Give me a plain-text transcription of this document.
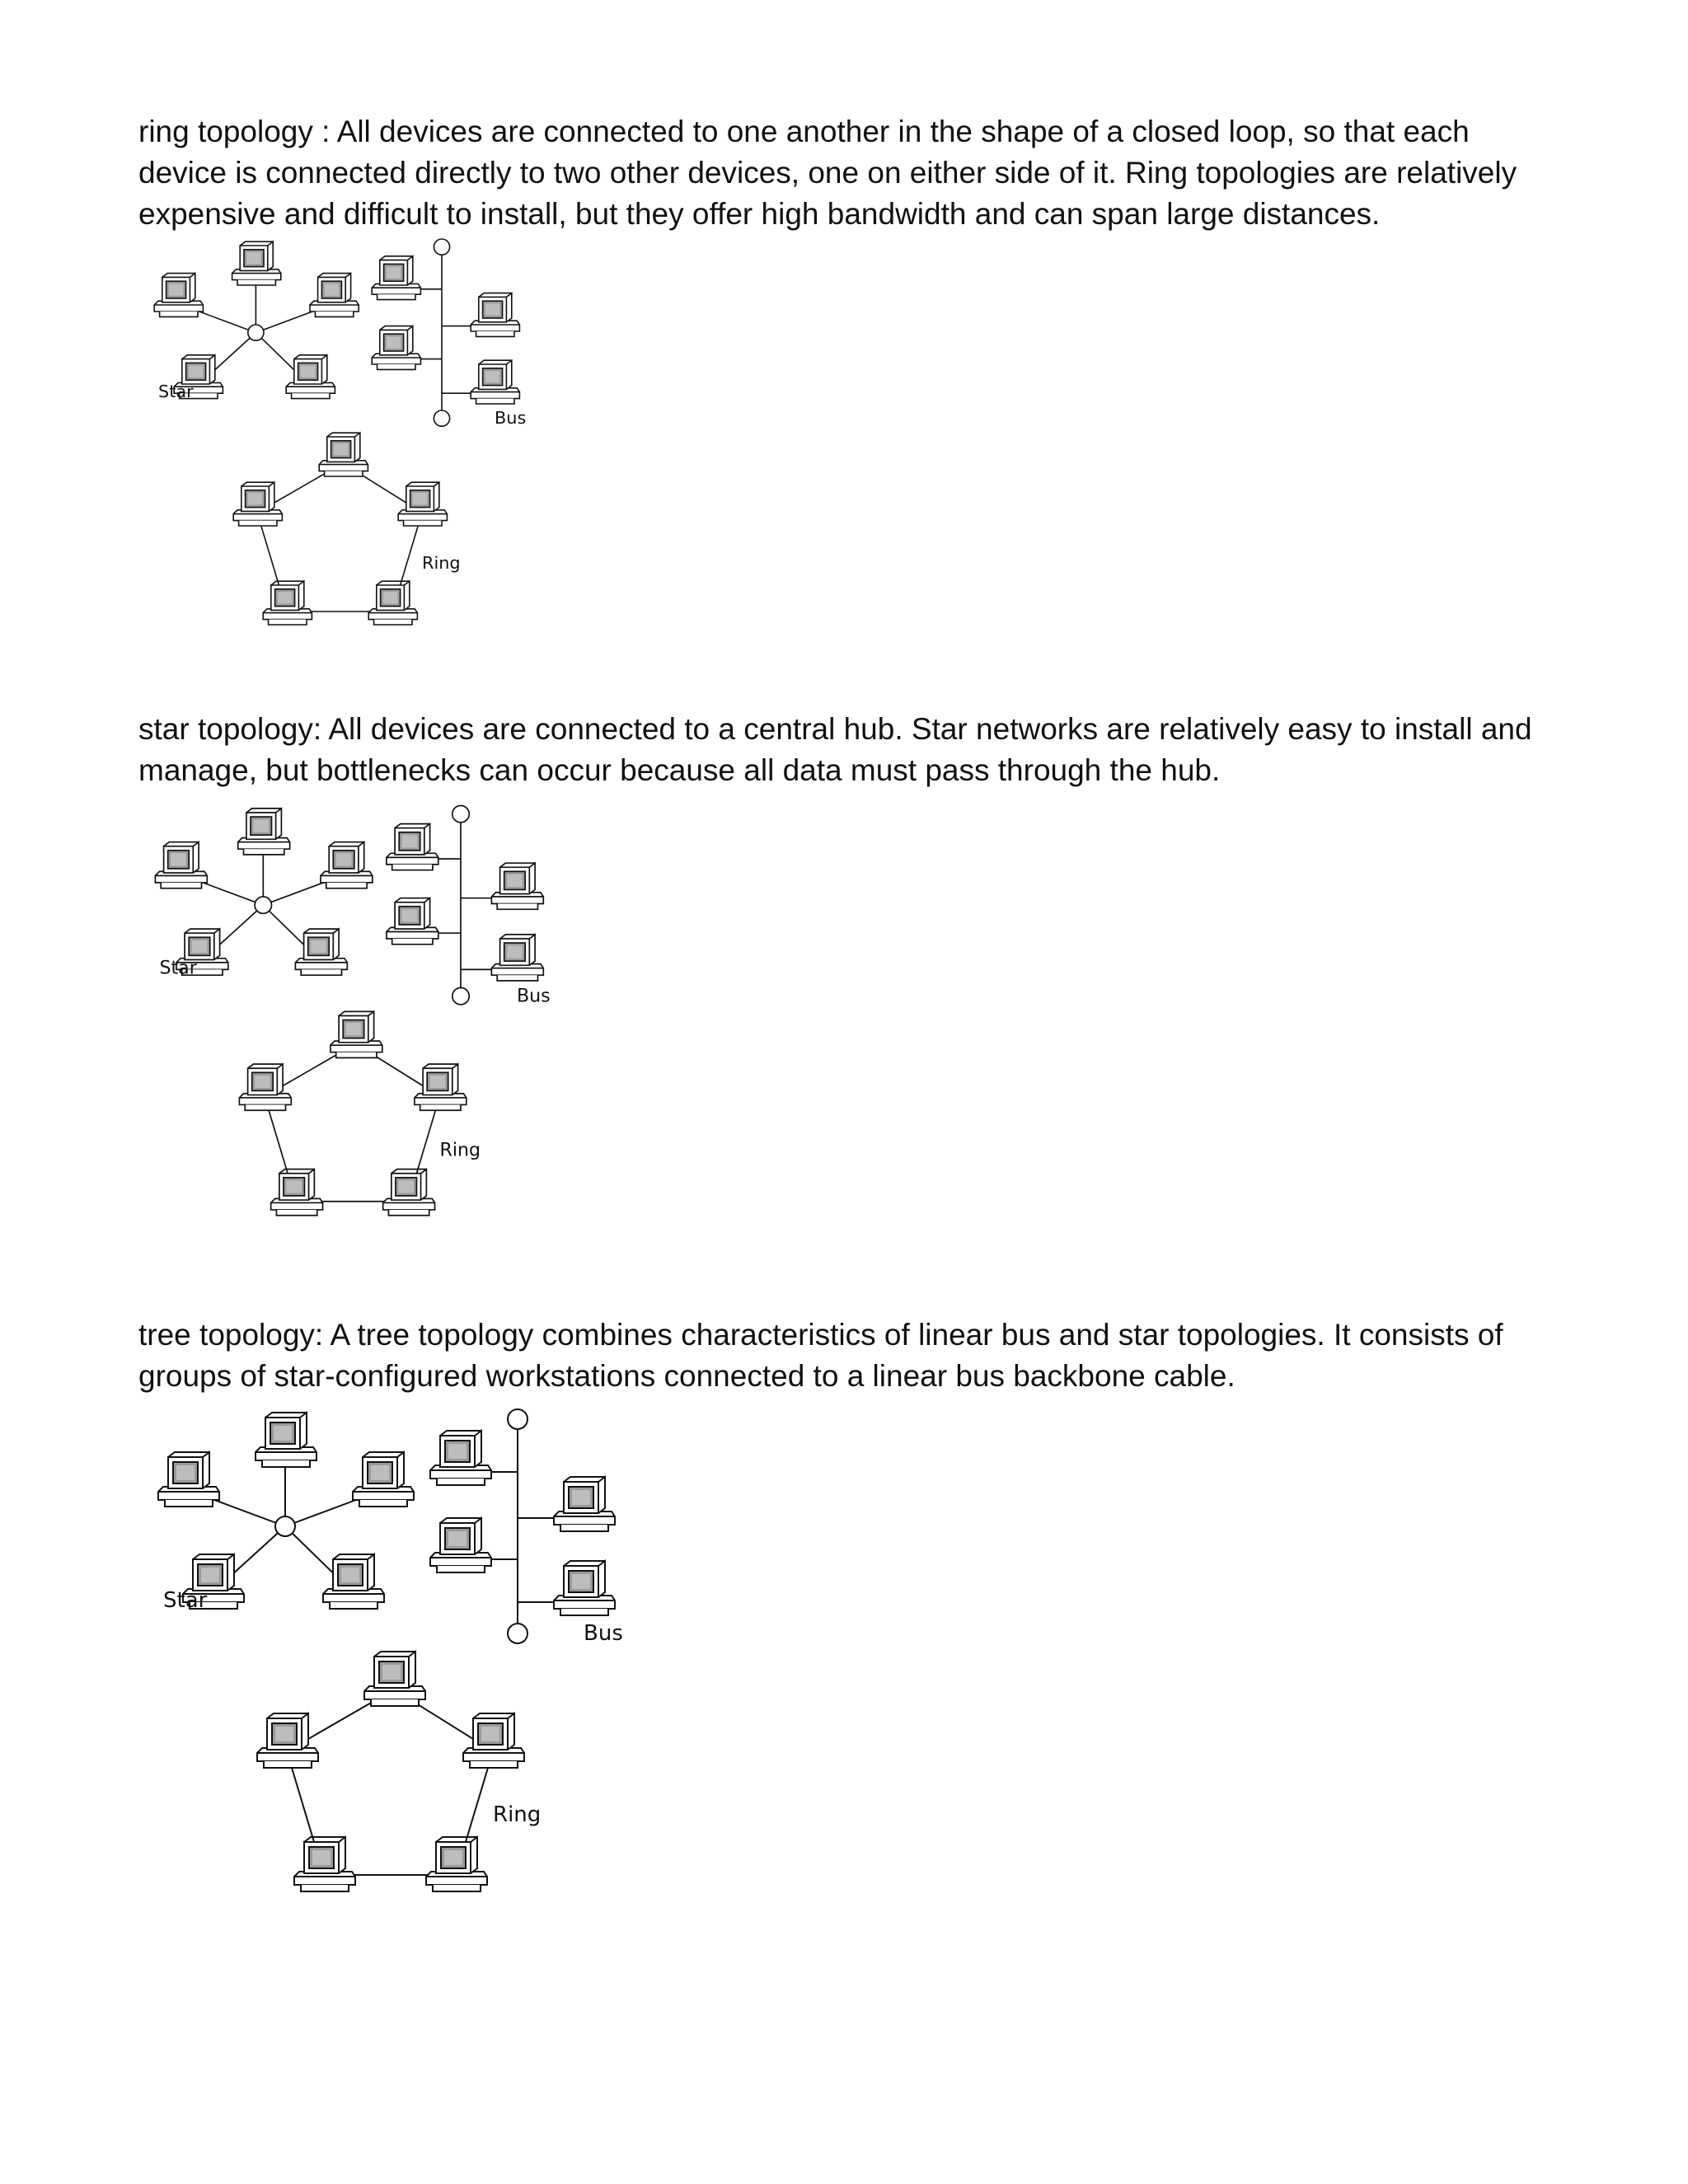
ring topology : All devices are connected to one another in the shape of a closed loop, so that each device is connected directly to two other devices, one on either side of it. Ring topologies are relatively expensive and difficult to install, but they offer high bandwidth and can span large distances.

star topology: All devices are connected to a central hub. Star networks are relatively easy to install and manage, but bottlenecks can occur because all data must pass through the hub.

tree topology: A tree topology combines characteristics of linear bus and star topologies. It consists of groups of star-configured workstations connected to a linear bus backbone cable.

Star
Bus
Ring
Star
Bus
Ring
Star
Bus
Ring
